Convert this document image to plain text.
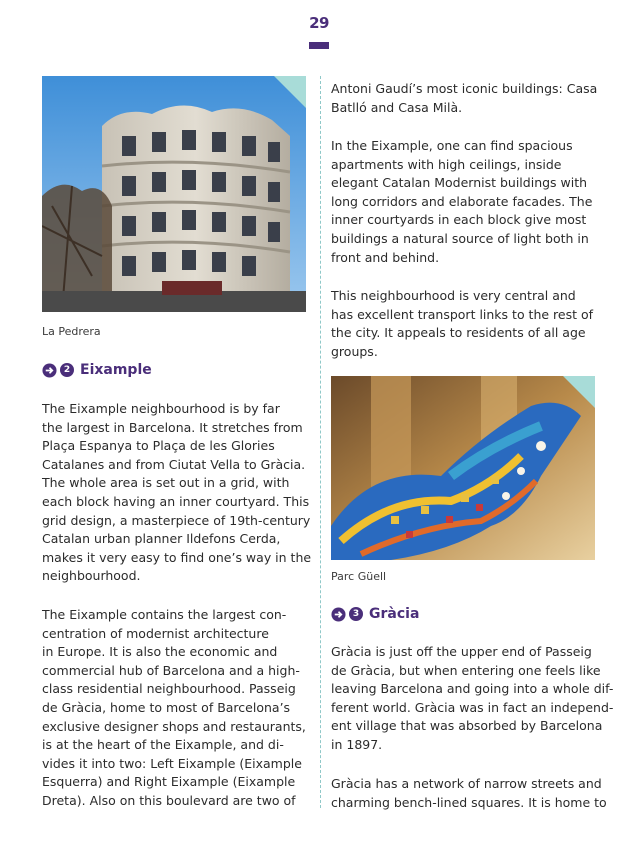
29
La Pedrera
2 Eixample
The Eixample neighbourhood is by far
the largest in Barcelona. It stretches from
Plaça Espanya to Plaça de les Glories
Catalanes and from Ciutat Vella to Gràcia.
The whole area is set out in a grid, with
each block having an inner courtyard. This
grid design, a masterpiece of 19th-century
Catalan urban planner Ildefons Cerda,
makes it very easy to find one’s way in the
neighbourhood.
The Eixample contains the largest con-
centration of modernist architecture
in Europe. It is also the economic and
commercial hub of Barcelona and a high-
class residential neighbourhood. Passeig
de Gràcia, home to most of Barcelona’s
exclusive designer shops and restaurants,
is at the heart of the Eixample, and di-
vides it into two: Left Eixample (Eixample
Esquerra) and Right Eixample (Eixample
Dreta). Also on this boulevard are two of
Antoni Gaudí’s most iconic buildings: Casa
Batlló and Casa Milà.
In the Eixample, one can find spacious
apartments with high ceilings, inside
elegant Catalan Modernist buildings with
long corridors and elaborate facades. The
inner courtyards in each block give most
buildings a natural source of light both in
front and behind.
This neighbourhood is very central and
has excellent transport links to the rest of
the city. It appeals to residents of all age
groups.
Parc Güell
3 Gràcia
Gràcia is just off the upper end of Passeig
de Gràcia, but when entering one feels like
leaving Barcelona and going into a whole dif-
ferent world. Gràcia was in fact an independ-
ent village that was absorbed by Barcelona
in 1897.
Gràcia has a network of narrow streets and
charming bench-lined squares. It is home to
